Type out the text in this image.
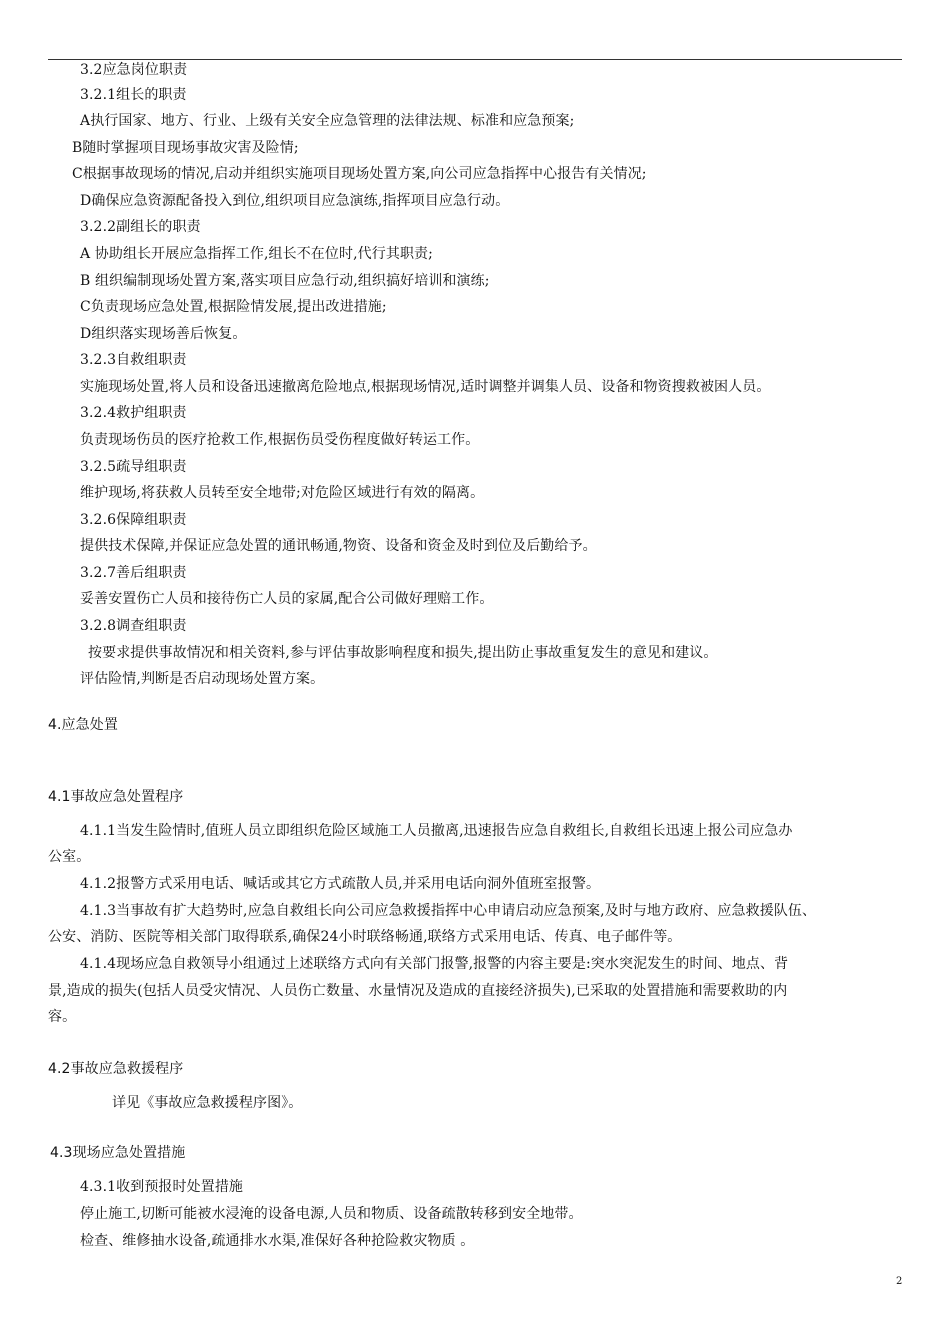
3.2应急岗位职责
3.2.1组长的职责
A执行国家、地方、行业、上级有关安全应急管理的法律法规、标准和应急预案;
B随时掌握项目现场事故灾害及险情;
C根据事故现场的情况,启动并组织实施项目现场处置方案,向公司应急指挥中心报告有关情况;
D确保应急资源配备投入到位,组织项目应急演练,指挥项目应急行动。
3.2.2副组长的职责
A 协助组长开展应急指挥工作,组长不在位时,代行其职责;
B 组织编制现场处置方案,落实项目应急行动,组织搞好培训和演练;
C负责现场应急处置,根据险情发展,提出改进措施;
D组织落实现场善后恢复。
3.2.3自救组职责
实施现场处置,将人员和设备迅速撤离危险地点,根据现场情况,适时调整并调集人员、设备和物资搜救被困人员。
3.2.4救护组职责
负责现场伤员的医疗抢救工作,根据伤员受伤程度做好转运工作。
3.2.5疏导组职责
维护现场,将获救人员转至安全地带;对危险区域进行有效的隔离。
3.2.6保障组职责
提供技术保障,并保证应急处置的通讯畅通,物资、设备和资金及时到位及后勤给予。
3.2.7善后组职责
妥善安置伤亡人员和接待伤亡人员的家属,配合公司做好理赔工作。
3.2.8调查组职责
按要求提供事故情况和相关资料,参与评估事故影响程度和损失,提出防止事故重复发生的意见和建议。
评估险情,判断是否启动现场处置方案。
4.应急处置
4.1事故应急处置程序
4.1.1当发生险情时,值班人员立即组织危险区域施工人员撤离,迅速报告应急自救组长,自救组长迅速上报公司应急办
公室。
4.1.2报警方式采用电话、喊话或其它方式疏散人员,并采用电话向洞外值班室报警。
4.1.3当事故有扩大趋势时,应急自救组长向公司应急救援指挥中心申请启动应急预案,及时与地方政府、应急救援队伍、
公安、消防、医院等相关部门取得联系,确保24小时联络畅通,联络方式采用电话、传真、电子邮件等。
4.1.4现场应急自救领导小组通过上述联络方式向有关部门报警,报警的内容主要是:突水突泥发生的时间、地点、背
景,造成的损失(包括人员受灾情况、人员伤亡数量、水量情况及造成的直接经济损失),已采取的处置措施和需要救助的内
容。
4.2事故应急救援程序
详见《事故应急救援程序图》。
4.3现场应急处置措施
4.3.1收到预报时处置措施
停止施工,切断可能被水浸淹的设备电源,人员和物质、设备疏散转移到安全地带。
检查、维修抽水设备,疏通排水水渠,准保好各种抢险救灾物质 。
2
